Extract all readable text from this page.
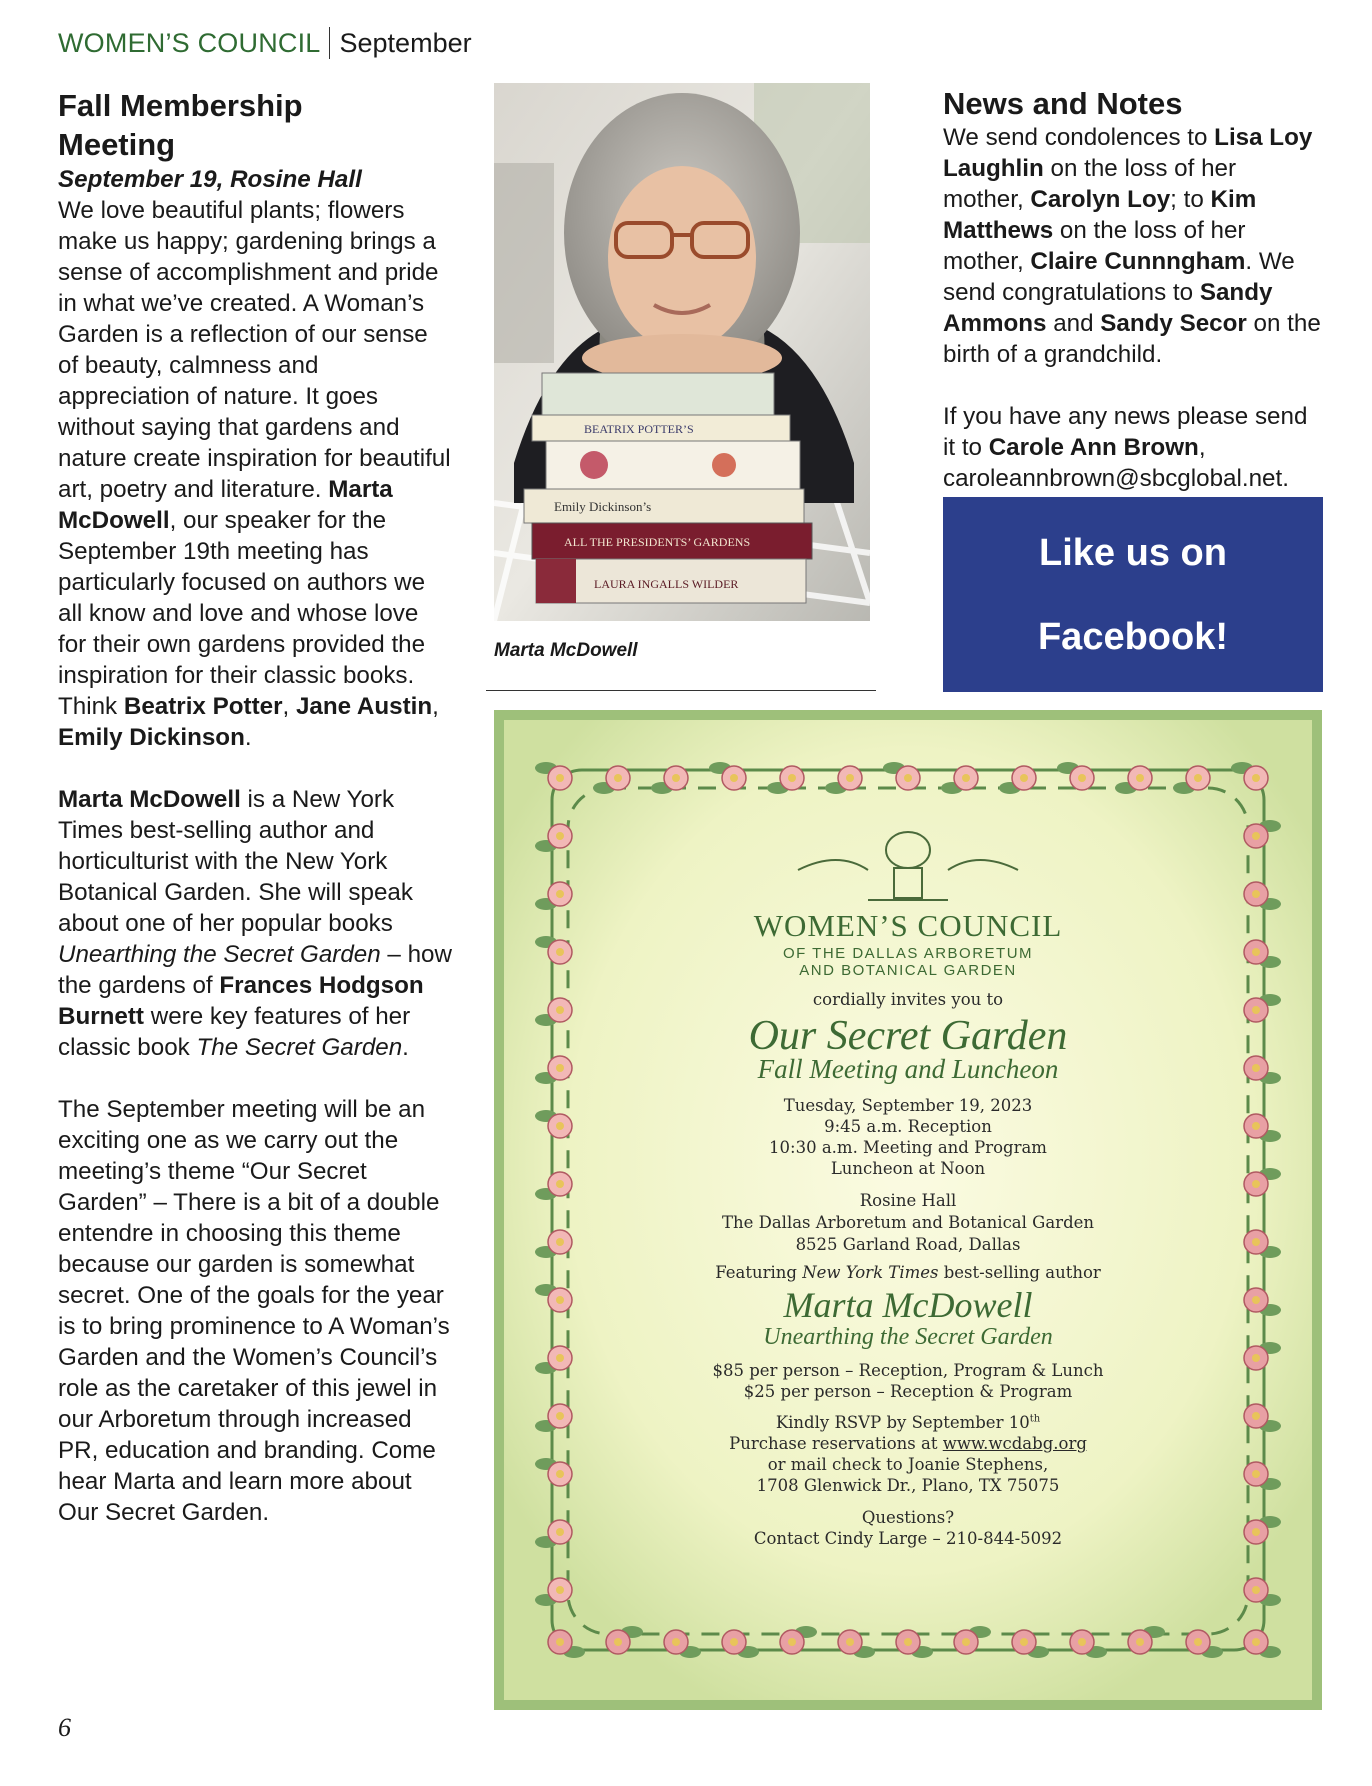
WOMEN’S COUNCIL September
Fall Membership
Meeting
September 19, Rosine Hall

We love beautiful plants; flowers make us happy; gardening brings a sense of accomplishment and pride in what we’ve created. A Woman’s Garden is a reflection of our sense of beauty, calmness and appreciation of nature. It goes without saying that gardens and nature create inspiration for beautiful art, poetry and literature. Marta McDowell, our speaker for the September 19th meeting has particularly focused on authors we all know and love and whose love for their own gardens provided the inspiration for their classic books. Think Beatrix Potter, Jane Austin,
Emily Dickinson.

Marta McDowell is a New York Times best-selling author and horticulturist with the New York Botanical Garden. She will speak about one of her popular books Unearthing the Secret Garden – how the gardens of Frances Hodgson Burnett were key features of her classic book The Secret Garden.

The September meeting will be an exciting one as we carry out the meeting’s theme “Our Secret Garden” – There is a bit of a double entendre in choosing this theme because our garden is somewhat secret. One of the goals for the year is to bring prominence to A Woman’s Garden and the Women’s Council’s role as the caretaker of this jewel in our Arboretum through increased PR, education and branding. Come hear Marta and learn more about Our Secret Garden.

BEATRIX POTTER’S
Emily Dickinson’s
ALL THE PRESIDENTS’ GARDENS
LAURA INGALLS WILDER
Marta McDowell
News and Notes

We send condolences to Lisa Loy Laughlin on the loss of her mother, Carolyn Loy; to Kim Matthews on the loss of her mother, Claire Cunnngham. We send congratulations to Sandy Ammons and Sandy Secor on the birth of a grandchild.

If you have any news please send it to Carole Ann Brown,
caroleannbrown@sbcglobal.net.

Like us on
Facebook!
WOMEN’S COUNCIL
OF THE DALLAS ARBORETUM
AND BOTANICAL GARDEN
cordially invites you to
Our Secret Garden
Fall Meeting and Luncheon
Tuesday, September 19, 2023
9:45 a.m. Reception
10:30 a.m. Meeting and Program
Luncheon at Noon
Rosine Hall
The Dallas Arboretum and Botanical Garden
8525 Garland Road, Dallas
Featuring New York Times best-selling author
Marta McDowell
Unearthing the Secret Garden
$85 per person – Reception, Program & Lunch
$25 per person – Reception & Program
Kindly RSVP by September 10th
Purchase reservations at www.wcdabg.org
or mail check to Joanie Stephens,
1708 Glenwick Dr., Plano, TX 75075
Questions?
Contact Cindy Large – 210-844-5092
6
